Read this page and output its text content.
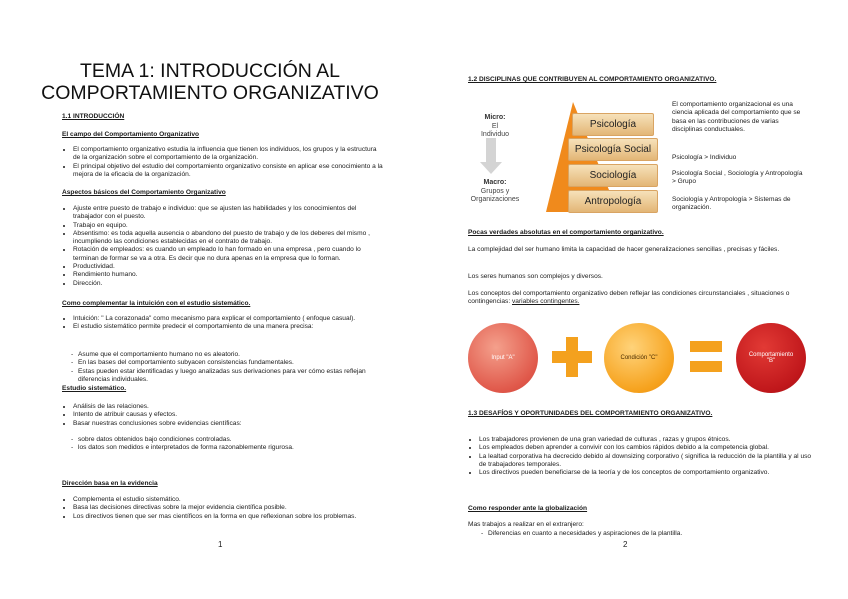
TEMA 1: INTRODUCCIÓN AL
COMPORTAMIENTO ORGANIZATIVO
1.1 INTRODUCCIÓN
El campo del Comportamiento Organizativo
• El comportamiento organizativo estudia la influencia que tienen los individuos, los grupos y la estructura de la organización sobre el comportamiento de la organización.
• El principal objetivo del estudio del comportamiento organizativo consiste en aplicar ese conocimiento a la mejora de la eficacia de la organización.
Aspectos básicos del Comportamiento Organizativo
• Ajuste entre puesto de trabajo e individuo: que se ajusten las habilidades y los conocimientos del trabajador con el puesto.
• Trabajo en equipo.
• Absentismo: es toda aquella ausencia o abandono del puesto de trabajo y de los deberes del mismo , incumpliendo las condiciones establecidas en el contrato de trabajo.
• Rotación de empleados: es cuando un empleado lo han formado en una empresa , pero cuando lo terminan de formar se va a otra. Es decir que no dura apenas en la empresa que lo forman.
• Productividad.
• Rendimiento humano.
• Dirección.
Como complementar la intuición con el estudio sistemático.
• Intuición: " La corazonada" como mecanismo para explicar el comportamiento ( enfoque casual).
• El estudio sistemático permite predecir el comportamiento de una manera precisa:
- Asume que el comportamiento humano no es aleatorio.
- En las bases del comportamiento subyacen consistencias fundamentales.
- Estas pueden estar identificadas y luego analizadas sus derivaciones para ver cómo estas reflejan diferencias individuales.
Estudio sistemático.
• Análisis de las relaciones.
• Intento de atribuir causas y efectos.
• Basar nuestras conclusiones sobre evidencias científicas:
- sobre datos obtenidos bajo condiciones controladas.
- los datos son medidos e interpretados de forma razonablemente rigurosa.
Dirección basa en la evidencia
• Complementa el estudio sistemático.
• Basa las decisiones directivas sobre la mejor evidencia científica posible.
• Los directivos tienen que ser mas científicos en la forma en que reflexionan sobre los problemas.
1
1.2 DISCIPLINAS QUE CONTRIBUYEN AL COMPORTAMIENTO ORGANIZATIVO.
Micro:
El
Individuo
Macro:
Grupos y
Organizaciones
Psicología
Psicología Social
Sociología
Antropología
El comportamiento organizacional es una ciencia aplicada del comportamiento que se basa en las contribuciones de varias disciplinas conductuales.
Psicología > Individuo
Psicología Social , Sociología y Antropología > Grupo
Sociología y Antropología > Sistemas de organización.
Pocas verdades absolutas en el comportamiento organizativo.
La complejidad del ser humano limita la capacidad de hacer generalizaciones sencillas , precisas y fáciles.
Los seres humanos son complejos y diversos.
Los conceptos del comportamiento organizativo deben reflejar las condiciones circunstanciales , situaciones o contingencias: variables contingentes.
Input "A"	Condición "C"	Comportamiento
"B"
1.3 DESAFÍOS Y OPORTUNIDADES DEL COMPORTAMIENTO ORGANIZATIVO.
• Los trabajadores provienen de una gran variedad de culturas , razas y grupos étnicos.
• Los empleados deben aprender a convivir con los cambios rápidos debido a la competencia global.
• La lealtad corporativa ha decrecido debido al downsizing corporativo ( significa la reducción de la plantilla y al uso de trabajadores temporales.
• Los directivos pueden beneficiarse de la teoría y de los conceptos de comportamiento organizativo.
Como responder ante la globalización
Mas trabajos a realizar en el extranjero:
- Diferencias en cuanto a necesidades y aspiraciones de la plantilla.
2
